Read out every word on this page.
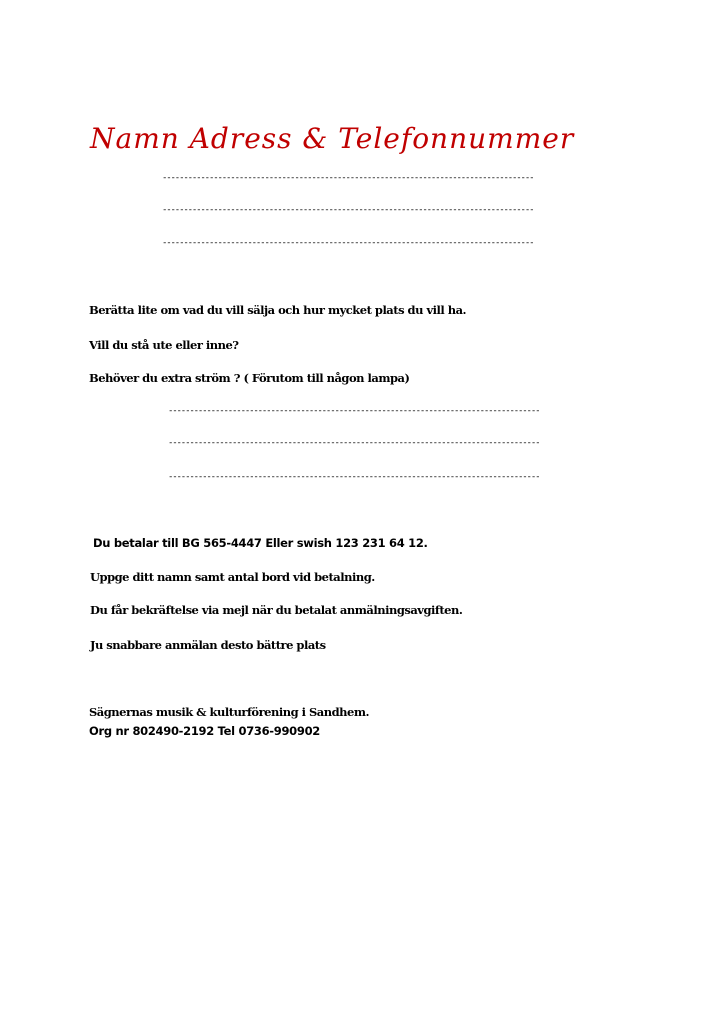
Namn Adress & Telefonnummer
---------------------------------------------------------------------------------------
---------------------------------------------------------------------------------------
---------------------------------------------------------------------------------------

Berätta lite om vad du vill sälja och hur mycket plats du vill ha.

Vill du stå ute eller inne?

Behöver du extra ström ? ( Förutom till någon lampa)

---------------------------------------------------------------------------------------
---------------------------------------------------------------------------------------
---------------------------------------------------------------------------------------

Du betalar till BG 565-4447 Eller swish 123 231 64 12.

Uppge ditt namn samt antal bord vid betalning.

Du får bekräftelse via mejl när du betalat anmälningsavgiften.

Ju snabbare anmälan desto bättre plats

Sägnernas musik & kulturförening i Sandhem.

Org nr 802490-2192 Tel 0736-990902
